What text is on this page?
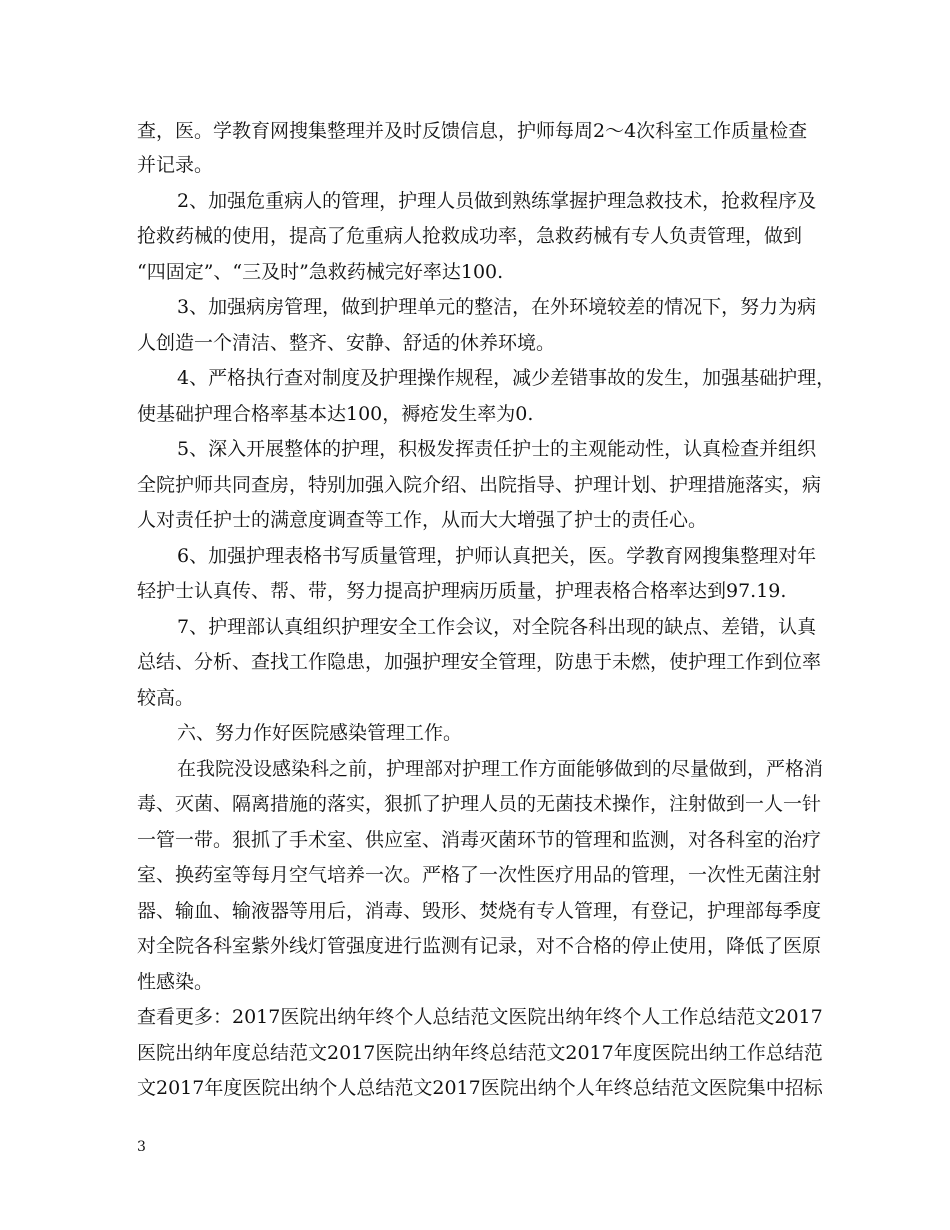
查，医。学教育网搜集整理并及时反馈信息，护师每周2～4次科室工作质量检查
并记录。
2、加强危重病人的管理，护理人员做到熟练掌握护理急救技术，抢救程序及
抢救药械的使用，提高了危重病人抢救成功率，急救药械有专人负责管理，做到
“四固定”、“三及时”急救药械完好率达100.
3、加强病房管理，做到护理单元的整洁，在外环境较差的情况下，努力为病
人创造一个清洁、整齐、安静、舒适的休养环境。
4、严格执行查对制度及护理操作规程，减少差错事故的发生，加强基础护理，
使基础护理合格率基本达100，褥疮发生率为0.
5、深入开展整体的护理，积极发挥责任护士的主观能动性，认真检查并组织
全院护师共同查房，特别加强入院介绍、出院指导、护理计划、护理措施落实，病
人对责任护士的满意度调查等工作，从而大大增强了护士的责任心。
6、加强护理表格书写质量管理，护师认真把关，医。学教育网搜集整理对年
轻护士认真传、帮、带，努力提高护理病历质量，护理表格合格率达到97.19.
7、护理部认真组织护理安全工作会议，对全院各科出现的缺点、差错，认真
总结、分析、查找工作隐患，加强护理安全管理，防患于未燃，使护理工作到位率
较高。
六、努力作好医院感染管理工作。
在我院没设感染科之前，护理部对护理工作方面能够做到的尽量做到，严格消
毒、灭菌、隔离措施的落实，狠抓了护理人员的无菌技术操作，注射做到一人一针
一管一带。狠抓了手术室、供应室、消毒灭菌环节的管理和监测，对各科室的治疗
室、换药室等每月空气培养一次。严格了一次性医疗用品的管理，一次性无菌注射
器、输血、输液器等用后，消毒、毁形、焚烧有专人管理，有登记，护理部每季度
对全院各科室紫外线灯管强度进行监测有记录，对不合格的停止使用，降低了医原
性感染。
查看更多：2017医院出纳年终个人总结范文医院出纳年终个人工作总结范文2017
医院出纳年度总结范文2017医院出纳年终总结范文2017年度医院出纳工作总结范
文2017年度医院出纳个人总结范文2017医院出纳个人年终总结范文医院集中招标
3
